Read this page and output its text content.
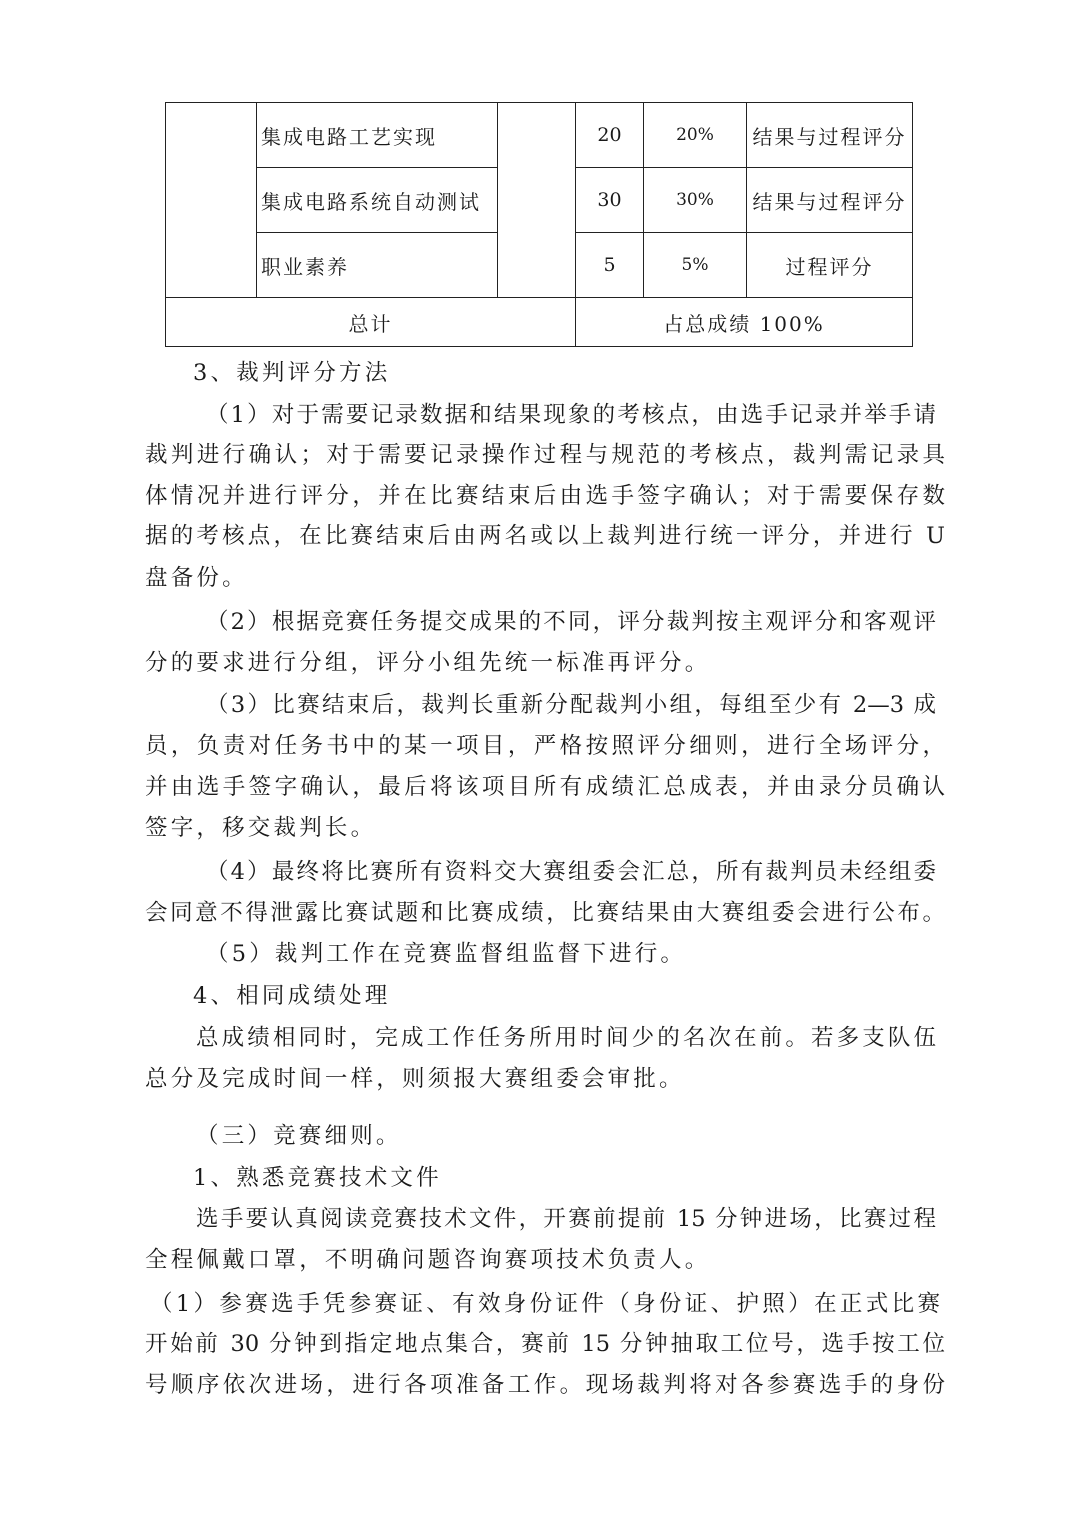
	集成电路工艺实现		20	20%	结果与过程评分
	集成电路系统自动测试		30	30%	结果与过程评分
	职业素养		5	5%	过程评分
总计			占总成绩 100%		
3、裁判评分方法
（1）对于需要记录数据和结果现象的考核点，由选手记录并举手请
裁判进行确认；对于需要记录操作过程与规范的考核点，裁判需记录具
体情况并进行评分，并在比赛结束后由选手签字确认；对于需要保存数
据的考核点，在比赛结束后由两名或以上裁判进行统一评分，并进行 U
盘备份。
（2）根据竞赛任务提交成果的不同，评分裁判按主观评分和客观评
分的要求进行分组，评分小组先统一标准再评分。
（3）比赛结束后，裁判长重新分配裁判小组，每组至少有 2—3 成
员，负责对任务书中的某一项目，严格按照评分细则，进行全场评分，
并由选手签字确认，最后将该项目所有成绩汇总成表，并由录分员确认
签字，移交裁判长。
（4）最终将比赛所有资料交大赛组委会汇总，所有裁判员未经组委
会同意不得泄露比赛试题和比赛成绩，比赛结果由大赛组委会进行公布。
（5）裁判工作在竞赛监督组监督下进行。
4、相同成绩处理
总成绩相同时，完成工作任务所用时间少的名次在前。若多支队伍
总分及完成时间一样，则须报大赛组委会审批。
（三）竞赛细则。
1、熟悉竞赛技术文件
选手要认真阅读竞赛技术文件，开赛前提前 15 分钟进场，比赛过程
全程佩戴口罩，不明确问题咨询赛项技术负责人。
（1）参赛选手凭参赛证、有效身份证件（身份证、护照）在正式比赛
开始前 30 分钟到指定地点集合，赛前 15 分钟抽取工位号，选手按工位
号顺序依次进场，进行各项准备工作。现场裁判将对各参赛选手的身份
